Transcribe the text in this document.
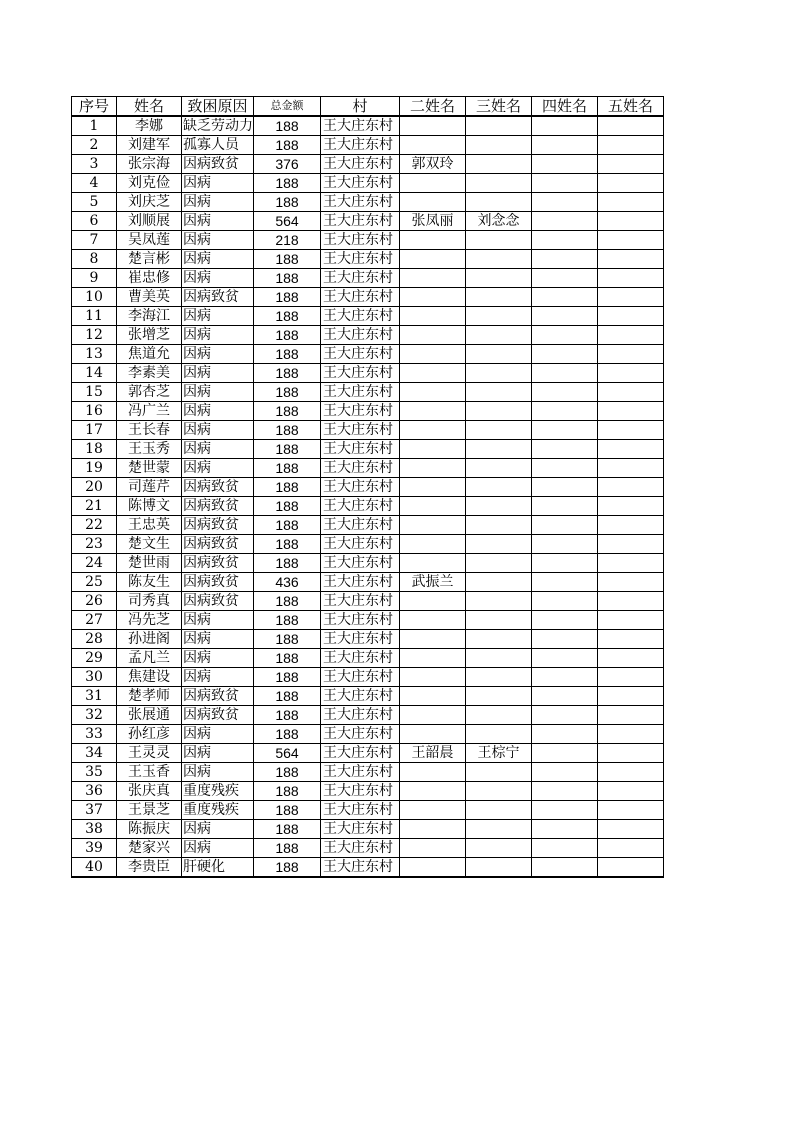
序号	姓名	致困原因	总金额	村	二姓名	三姓名	四姓名	五姓名
1	李娜	缺乏劳动力	188	王大庄东村				
2	刘建军	孤寡人员	188	王大庄东村				
3	张宗海	因病致贫	376	王大庄东村	郭双玲			
4	刘克俭	因病	188	王大庄东村				
5	刘庆芝	因病	188	王大庄东村				
6	刘顺展	因病	564	王大庄东村	张凤丽	刘念念		
7	吴凤莲	因病	218	王大庄东村				
8	楚言彬	因病	188	王大庄东村				
9	崔忠修	因病	188	王大庄东村				
10	曹美英	因病致贫	188	王大庄东村				
11	李海江	因病	188	王大庄东村				
12	张增芝	因病	188	王大庄东村				
13	焦道允	因病	188	王大庄东村				
14	李素美	因病	188	王大庄东村				
15	郭杏芝	因病	188	王大庄东村				
16	冯广兰	因病	188	王大庄东村				
17	王长春	因病	188	王大庄东村				
18	王玉秀	因病	188	王大庄东村				
19	楚世蒙	因病	188	王大庄东村				
20	司莲芹	因病致贫	188	王大庄东村				
21	陈博文	因病致贫	188	王大庄东村				
22	王忠英	因病致贫	188	王大庄东村				
23	楚文生	因病致贫	188	王大庄东村				
24	楚世雨	因病致贫	188	王大庄东村				
25	陈友生	因病致贫	436	王大庄东村	武振兰			
26	司秀真	因病致贫	188	王大庄东村				
27	冯先芝	因病	188	王大庄东村				
28	孙进阁	因病	188	王大庄东村				
29	孟凡兰	因病	188	王大庄东村				
30	焦建设	因病	188	王大庄东村				
31	楚孝师	因病致贫	188	王大庄东村				
32	张展通	因病致贫	188	王大庄东村				
33	孙红彦	因病	188	王大庄东村				
34	王灵灵	因病	564	王大庄东村	王韶晨	王棕宁		
35	王玉香	因病	188	王大庄东村				
36	张庆真	重度残疾	188	王大庄东村				
37	王景芝	重度残疾	188	王大庄东村				
38	陈振庆	因病	188	王大庄东村				
39	楚家兴	因病	188	王大庄东村				
40	李贵臣	肝硬化	188	王大庄东村				
